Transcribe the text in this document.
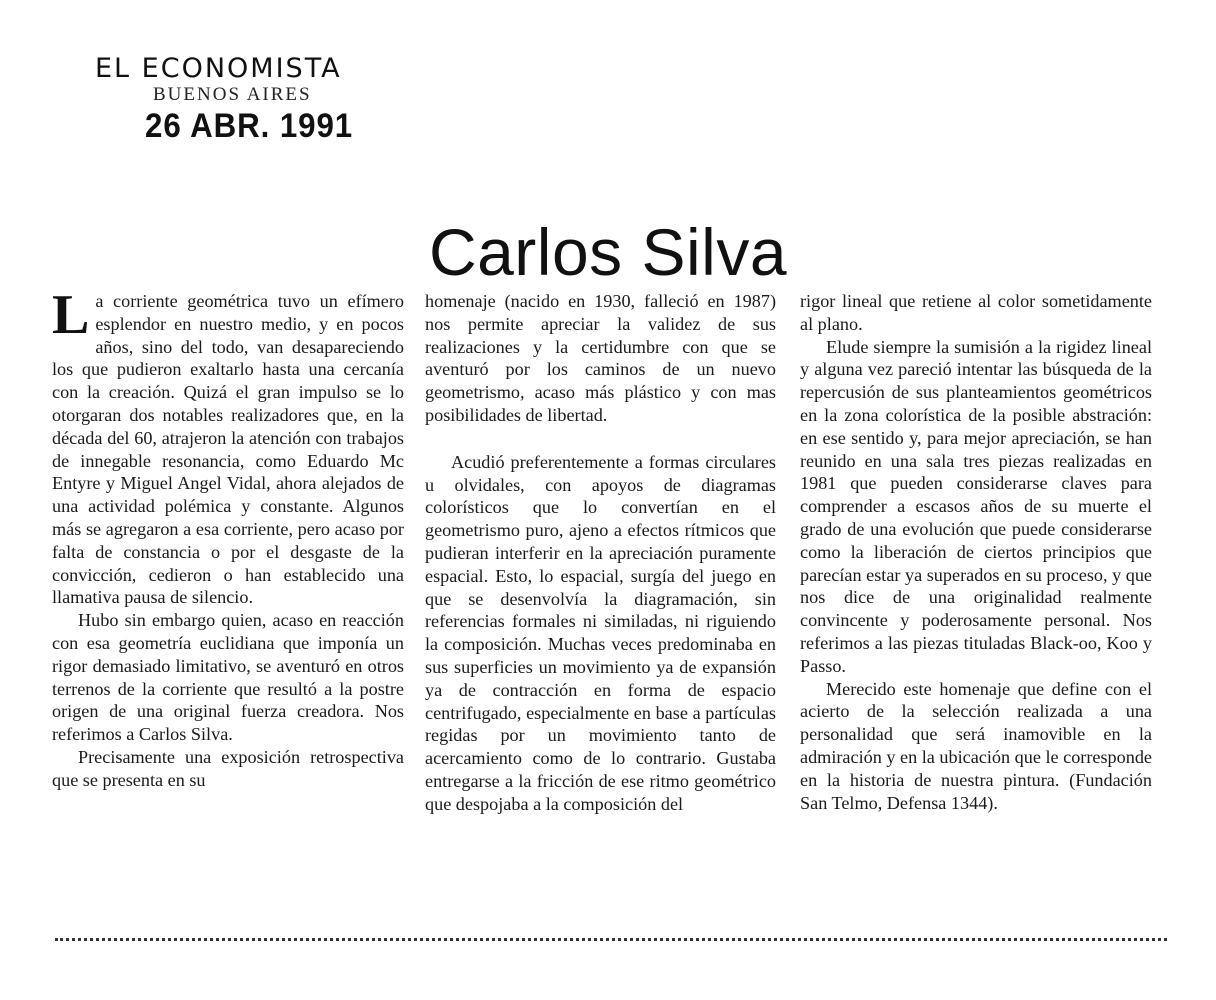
EL ECONOMISTA

BUENOS AIRES

26 ABR. 1991

Carlos Silva

La corriente geométrica tuvo un efímero esplendor en nuestro medio, y en pocos años, sino del todo, van desapareciendo los que pudieron exaltarlo hasta una cercanía con la creación. Quizá el gran impulso se lo otorgaran dos notables realizadores que, en la década del 60, atrajeron la atención con trabajos de innegable resonancia, como Eduardo Mc Entyre y Miguel Angel Vidal, ahora alejados de una actividad polémica y constante. Algunos más se agregaron a esa corriente, pero acaso por falta de constancia o por el desgaste de la convicción, cedieron o han establecido una llamativa pausa de silencio.

Hubo sin embargo quien, acaso en reacción con esa geometría euclidiana que imponía un rigor demasiado limitativo, se aventuró en otros terrenos de la corriente que resultó a la postre origen de una original fuerza creadora. Nos referimos a Carlos Silva.

Precisamente una exposición retrospectiva que se presenta en su

homenaje (nacido en 1930, falleció en 1987) nos permite apreciar la validez de sus realizaciones y la certidumbre con que se aventuró por los caminos de un nuevo geometrismo, acaso más plástico y con mas posibilidades de libertad.

Acudió preferentemente a formas circulares u olvidales, con apoyos de diagramas colorísticos que lo convertían en el geometrismo puro, ajeno a efectos rítmicos que pudieran interferir en la apreciación puramente espacial. Esto, lo espacial, surgía del juego en que se desenvolvía la diagramación, sin referencias formales ni similadas, ni riguiendo la composición. Muchas veces predominaba en sus superficies un movimiento ya de expansión ya de contracción en forma de espacio centrifugado, especialmente en base a partículas regidas por un movimiento tanto de acercamiento como de lo contrario. Gustaba entregarse a la fricción de ese ritmo geométrico que despojaba a la composición del

rigor lineal que retiene al color sometidamente al plano.

Elude siempre la sumisión a la rigidez lineal y alguna vez pareció intentar las búsqueda de la repercusión de sus planteamientos geométricos en la zona colorística de la posible abstración: en ese sentido y, para mejor apreciación, se han reunido en una sala tres piezas realizadas en 1981 que pueden considerarse claves para comprender a escasos años de su muerte el grado de una evolución que puede considerarse como la liberación de ciertos principios que parecían estar ya superados en su proceso, y que nos dice de una originalidad realmente convincente y poderosamente personal. Nos referimos a las piezas tituladas Black-oo, Koo y Passo.

Merecido este homenaje que define con el acierto de la selección realizada a una personalidad que será inamovible en la admiración y en la ubicación que le corresponde en la historia de nuestra pintura. (Fundación San Telmo, Defensa 1344).
